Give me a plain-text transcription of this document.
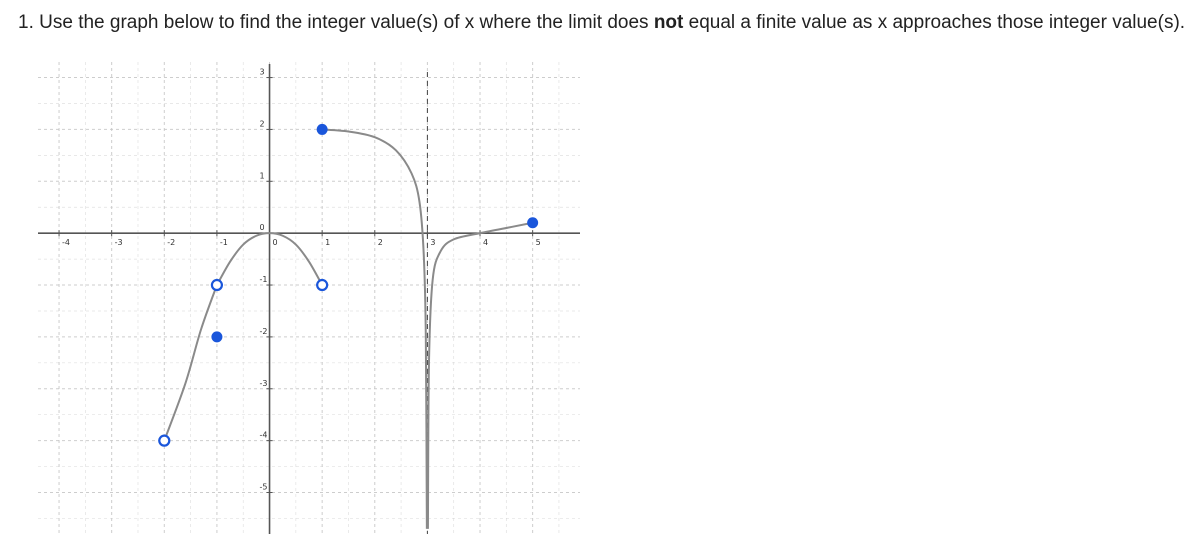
1. Use the graph below to find the integer value(s) of x where the limit does not equal a finite value as x approaches those integer value(s).
-4	-3	-2	-1	0	1	2	3	4	5
3
2
1
0
-1
-2
-3
-4
-5
